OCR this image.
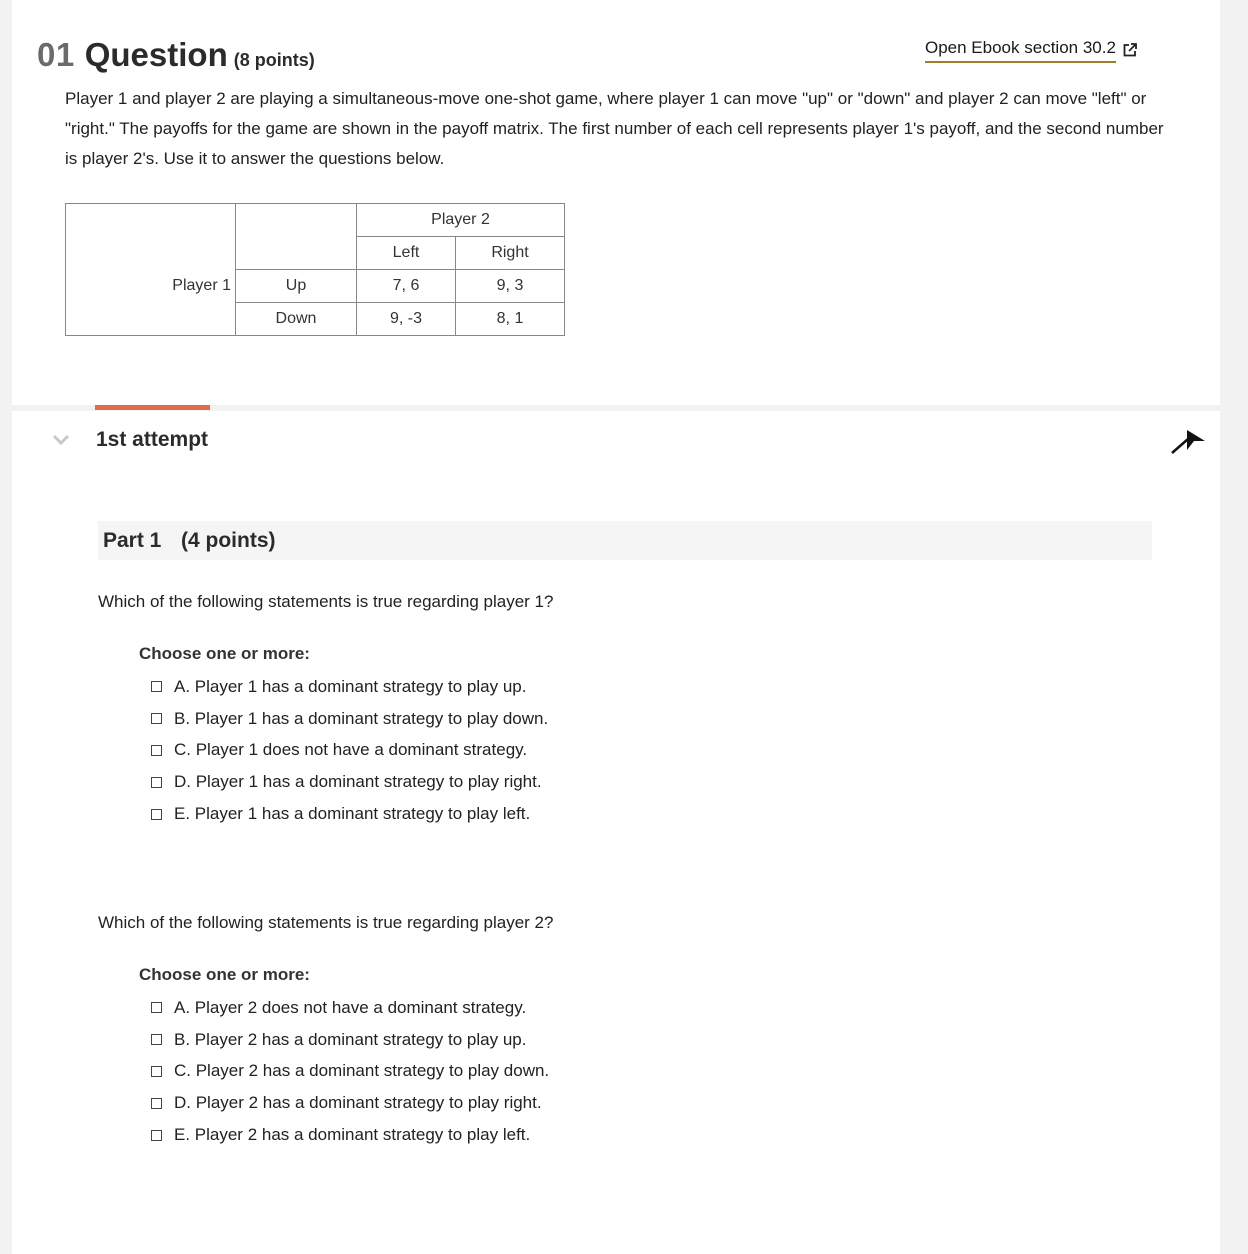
01 Question (8 points)
Open Ebook section 30.2
Player 1 and player 2 are playing a simultaneous-move one-shot game, where player 1 can move "up" or "down" and player 2 can move "left" or "right." The payoffs for the game are shown in the payoff matrix. The first number of each cell represents player 1's payoff, and the second number is player 2's. Use it to answer the questions below.
		Player 2	
		Left	Right
	Up	7, 6	9, 3
	Down	9, -3	8, 1
Player 1
1st attempt
Part 1 (4 points)
Which of the following statements is true regarding player 1?
Choose one or more:
A. Player 1 has a dominant strategy to play up.
B. Player 1 has a dominant strategy to play down.
C. Player 1 does not have a dominant strategy.
D. Player 1 has a dominant strategy to play right.
E. Player 1 has a dominant strategy to play left.
Which of the following statements is true regarding player 2?
Choose one or more:
A. Player 2 does not have a dominant strategy.
B. Player 2 has a dominant strategy to play up.
C. Player 2 has a dominant strategy to play down.
D. Player 2 has a dominant strategy to play right.
E. Player 2 has a dominant strategy to play left.
